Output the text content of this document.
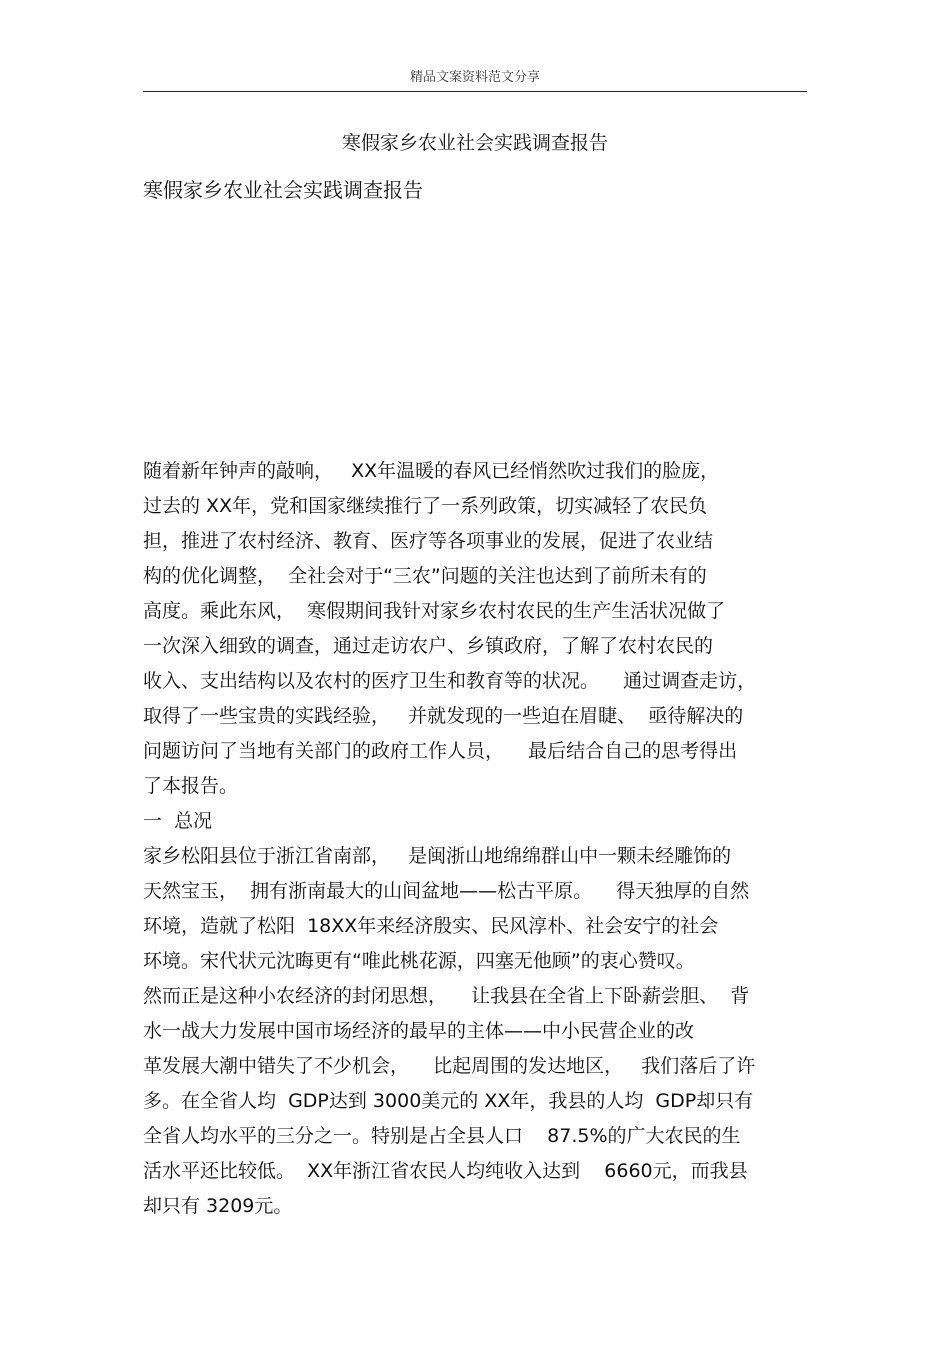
精品文案资料范文分享
寒假家乡农业社会实践调查报告
寒假家乡农业社会实践调查报告
随着新年钟声的敲响，   XX年温暖的春风已经悄然吹过我们的脸庞，
过去的 XX年，党和国家继续推行了一系列政策，切实减轻了农民负
担，推进了农村经济、教育、医疗等各项事业的发展，促进了农业结
构的优化调整，  全社会对于“三农”问题的关注也达到了前所未有的
高度。乘此东风，  寒假期间我针对家乡农村农民的生产生活状况做了
一次深入细致的调查，通过走访农户、乡镇政府，了解了农村农民的
收入、支出结构以及农村的医疗卫生和教育等的状况。    通过调查走访，
取得了一些宝贵的实践经验，   并就发现的一些迫在眉睫、  亟待解决的
问题访问了当地有关部门的政府工作人员，    最后结合自己的思考得出
了本报告。
一  总况
家乡松阳县位于浙江省南部，   是闽浙山地绵绵群山中一颗未经雕饰的
天然宝玉，  拥有浙南最大的山间盆地——松古平原。    得天独厚的自然
环境，造就了松阳  18XX年来经济殷实、民风淳朴、社会安宁的社会
环境。宋代状元沈晦更有“唯此桃花源，四塞无他顾”的衷心赞叹。
然而正是这种小农经济的封闭思想，    让我县在全省上下卧薪尝胆、  背
水一战大力发展中国市场经济的最早的主体——中小民营企业的改
革发展大潮中错失了不少机会，    比起周围的发达地区，   我们落后了许
多。在全省人均  GDP达到 3000美元的 XX年，我县的人均  GDP却只有
全省人均水平的三分之一。特别是占全县人口    87.5%的广大农民的生
活水平还比较低。  XX年浙江省农民人均纯收入达到    6660元，而我县
却只有 3209元。
